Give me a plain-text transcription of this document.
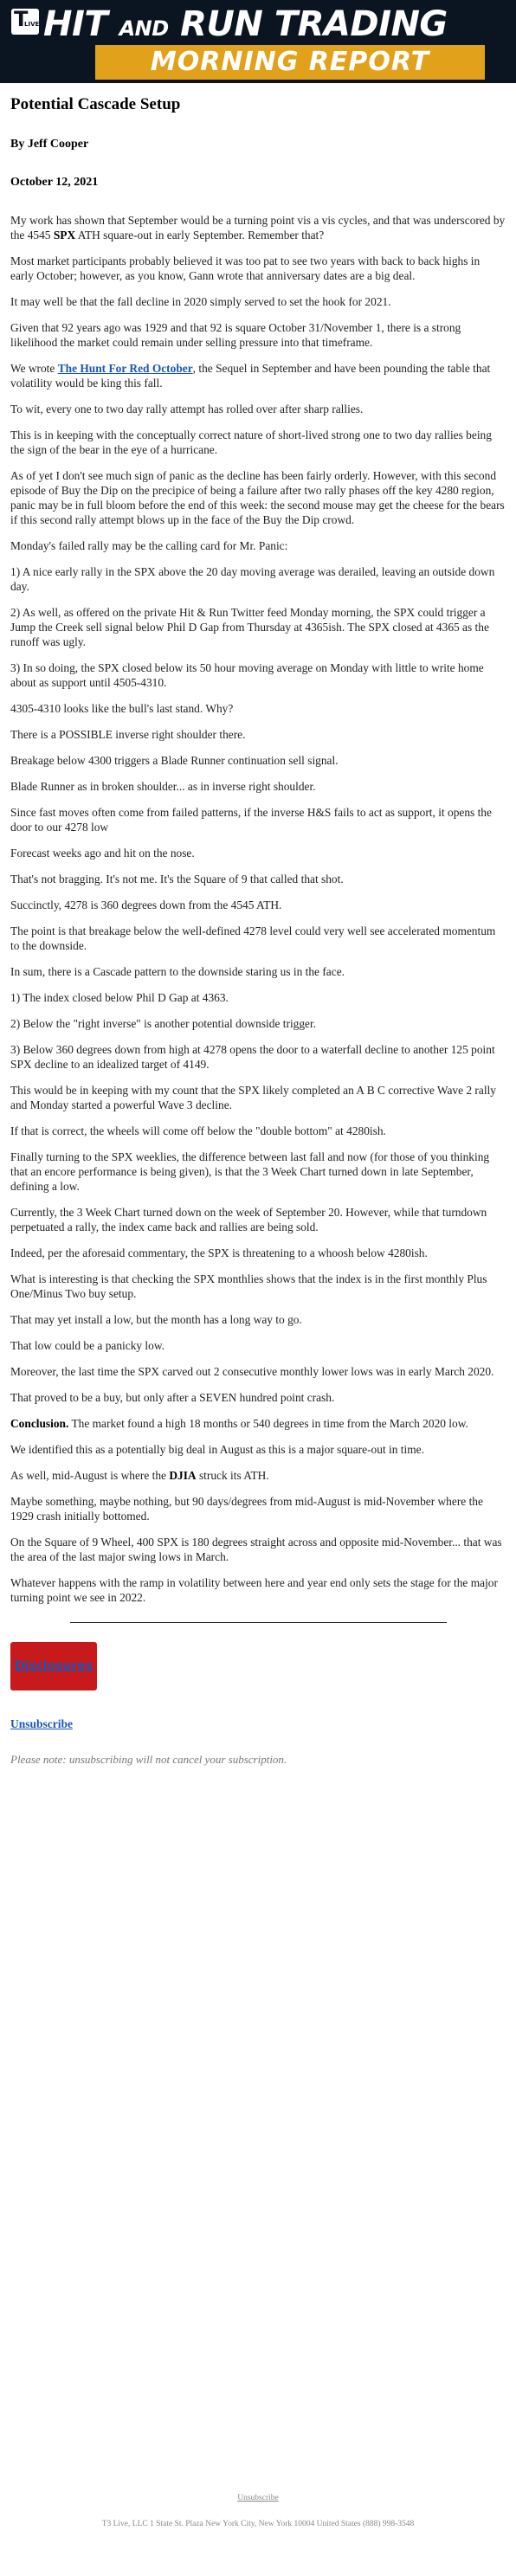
T
LIVE HIT AND RUN TRADING
MORNING REPORT
Potential Cascade Setup
By Jeff Cooper
October 12, 2021

My work has shown that September would be a turning point vis a vis cycles, and that was underscored by the 4545 SPX ATH square-out in early September. Remember that?

Most market participants probably believed it was too pat to see two years with back to back highs in early October; however, as you know, Gann wrote that anniversary dates are a big deal.

It may well be that the fall decline in 2020 simply served to set the hook for 2021.

Given that 92 years ago was 1929 and that 92 is square October 31/November 1, there is a strong likelihood the market could remain under selling pressure into that timeframe.

We wrote The Hunt For Red October, the Sequel in September and have been pounding the table that volatility would be king this fall.

To wit, every one to two day rally attempt has rolled over after sharp rallies.

This is in keeping with the conceptually correct nature of short-lived strong one to two day rallies being the sign of the bear in the eye of a hurricane.

As of yet I don't see much sign of panic as the decline has been fairly orderly. However, with this second episode of Buy the Dip on the precipice of being a failure after two rally phases off the key 4280 region, panic may be in full bloom before the end of this week: the second mouse may get the cheese for the bears if this second rally attempt blows up in the face of the Buy the Dip crowd.

Monday's failed rally may be the calling card for Mr. Panic:

1) A nice early rally in the SPX above the 20 day moving average was derailed, leaving an outside down day.

2) As well, as offered on the private Hit & Run Twitter feed Monday morning, the SPX could trigger a Jump the Creek sell signal below Phil D Gap from Thursday at 4365ish. The SPX closed at 4365 as the runoff was ugly.

3) In so doing, the SPX closed below its 50 hour moving average on Monday with little to write home about as support until 4505-4310.

4305-4310 looks like the bull's last stand. Why?

There is a POSSIBLE inverse right shoulder there.

Breakage below 4300 triggers a Blade Runner continuation sell signal.

Blade Runner as in broken shoulder... as in inverse right shoulder.

Since fast moves often come from failed patterns, if the inverse H&S fails to act as support, it opens the door to our 4278 low

Forecast weeks ago and hit on the nose.

That's not bragging. It's not me. It's the Square of 9 that called that shot.

Succinctly, 4278 is 360 degrees down from the 4545 ATH.

The point is that breakage below the well-defined 4278 level could very well see accelerated momentum to the downside.

In sum, there is a Cascade pattern to the downside staring us in the face.

1) The index closed below Phil D Gap at 4363.

2) Below the "right inverse" is another potential downside trigger.

3) Below 360 degrees down from high at 4278 opens the door to a waterfall decline to another 125 point SPX decline to an idealized target of 4149.

This would be in keeping with my count that the SPX likely completed an A B C corrective Wave 2 rally and Monday started a powerful Wave 3 decline.

If that is correct, the wheels will come off below the "double bottom" at 4280ish.

Finally turning to the SPX weeklies, the difference between last fall and now (for those of you thinking that an encore performance is being given), is that the 3 Week Chart turned down in late September, defining a low.

Currently, the 3 Week Chart turned down on the week of September 20. However, while that turndown perpetuated a rally, the index came back and rallies are being sold.

Indeed, per the aforesaid commentary, the SPX is threatening to a whoosh below 4280ish.

What is interesting is that checking the SPX monthlies shows that the index is in the first monthly Plus One/Minus Two buy setup.

That may yet install a low, but the month has a long way to go.

That low could be a panicky low.

Moreover, the last time the SPX carved out 2 consecutive monthly lower lows was in early March 2020.

That proved to be a buy, but only after a SEVEN hundred point crash.

Conclusion. The market found a high 18 months or 540 degrees in time from the March 2020 low.

We identified this as a potentially big deal in August as this is a major square-out in time.

As well, mid-August is where the DJIA struck its ATH.

Maybe something, maybe nothing, but 90 days/degrees from mid-August is mid-November where the 1929 crash initially bottomed.

On the Square of 9 Wheel, 400 SPX is 180 degrees straight across and opposite mid-November... that was the area of the last major swing lows in March.

Whatever happens with the ramp in volatility between here and year end only sets the stage for the major turning point we see in 2022.

Disclosures
Unsubscribe

Please note: unsubscribing will not cancel your subscription.

Unsubscribe
T3 Live, LLC 1 State St. Plaza New York City, New York 10004 United States (888) 998-3548
